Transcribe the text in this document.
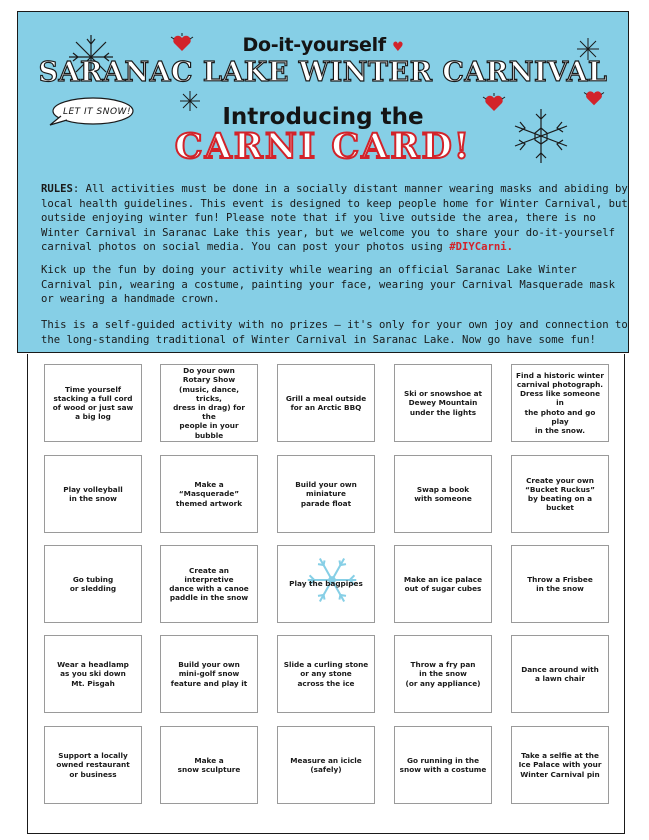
LET IT SNOW!
Do-it-yourself ♥
SARANAC LAKE WINTER CARNIVAL
Introducing the
CARNI CARD!

RULES: All activities must be done in a socially distant manner wearing masks and abiding by local health guidelines. This event is designed to keep people home for Winter Carnival, but outside enjoying winter fun! Please note that if you live outside the area, there is no Winter Carnival in Saranac Lake this year, but we welcome you to share your do-it-yourself carnival photos on social media. You can post your photos using #DIYCarni.

Kick up the fun by doing your activity while wearing an official Saranac Lake Winter Carnival pin, wearing a costume, painting your face, wearing your Carnival Masquerade mask or wearing a handmade crown.

This is a self-guided activity with no prizes – it's only for your own joy and connection to the long-standing traditional of Winter Carnival in Saranac Lake. Now go have some fun!

Time yourself
stacking a full cord
of wood or just saw
a big log
Do your own
Rotary Show
(music, dance, tricks,
dress in drag) for the
people in your bubble
Grill a meal outside
for an Arctic BBQ
Ski or snowshoe at
Dewey Mountain
under the lights
Find a historic winter
carnival photograph.
Dress like someone in
the photo and go play
in the snow.
Play volleyball
in the snow
Make a
“Masquerade”
themed artwork
Build your own
miniature
parade float
Swap a book
with someone
Create your own
“Bucket Ruckus”
by beating on a bucket
Go tubing
or sledding
Create an interpretive
dance with a canoe
paddle in the snow
Play the bagpipes
Make an ice palace
out of sugar cubes
Throw a Frisbee
in the snow
Wear a headlamp
as you ski down
Mt. Pisgah
Build your own
mini-golf snow
feature and play it
Slide a curling stone
or any stone
across the ice
Throw a fry pan
in the snow
(or any appliance)
Dance around with
a lawn chair
Support a locally
owned restaurant
or business
Make a
snow sculpture
Measure an icicle
(safely)
Go running in the
snow with a costume
Take a selfie at the
Ice Palace with your
Winter Carnival pin
